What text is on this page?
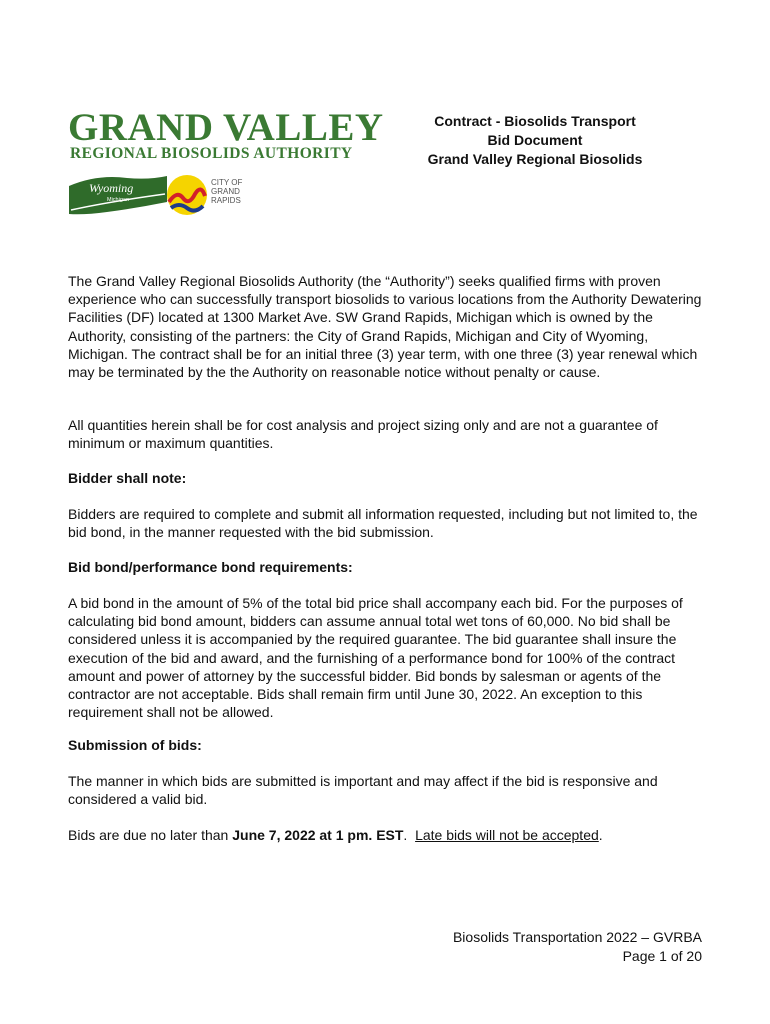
GRAND VALLEY
REGIONAL BIOSOLIDS AUTHORITY
Wyoming
Michigan
CITY OF
GRAND
RAPIDS
Contract - Biosolids Transport
Bid Document
Grand Valley Regional Biosolids

The Grand Valley Regional Biosolids Authority (the “Authority”) seeks qualified firms with proven experience who can successfully transport biosolids to various locations from the Authority Dewatering Facilities (DF) located at 1300 Market Ave. SW Grand Rapids, Michigan which is owned by the Authority, consisting of the partners: the City of Grand Rapids, Michigan and City of Wyoming, Michigan. The contract shall be for an initial three (3) year term, with one three (3) year renewal which may be terminated by the the Authority on reasonable notice without penalty or cause.

All quantities herein shall be for cost analysis and project sizing only and are not a guarantee of minimum or maximum quantities.

Bidder shall note:

Bidders are required to complete and submit all information requested, including but not limited to, the bid bond, in the manner requested with the bid submission.

Bid bond/performance bond requirements:

A bid bond in the amount of 5% of the total bid price shall accompany each bid. For the purposes of calculating bid bond amount, bidders can assume annual total wet tons of 60,000. No bid shall be considered unless it is accompanied by the required guarantee. The bid guarantee shall insure the execution of the bid and award, and the furnishing of a performance bond for 100% of the contract amount and power of attorney by the successful bidder. Bid bonds by salesman or agents of the contractor are not acceptable. Bids shall remain firm until June 30, 2022. An exception to this requirement shall not be allowed.

Submission of bids:

The manner in which bids are submitted is important and may affect if the bid is responsive and considered a valid bid.

Bids are due no later than June 7, 2022 at 1 pm. EST.  Late bids will not be accepted.

Biosolids Transportation 2022 – GVRBA
Page 1 of 20
